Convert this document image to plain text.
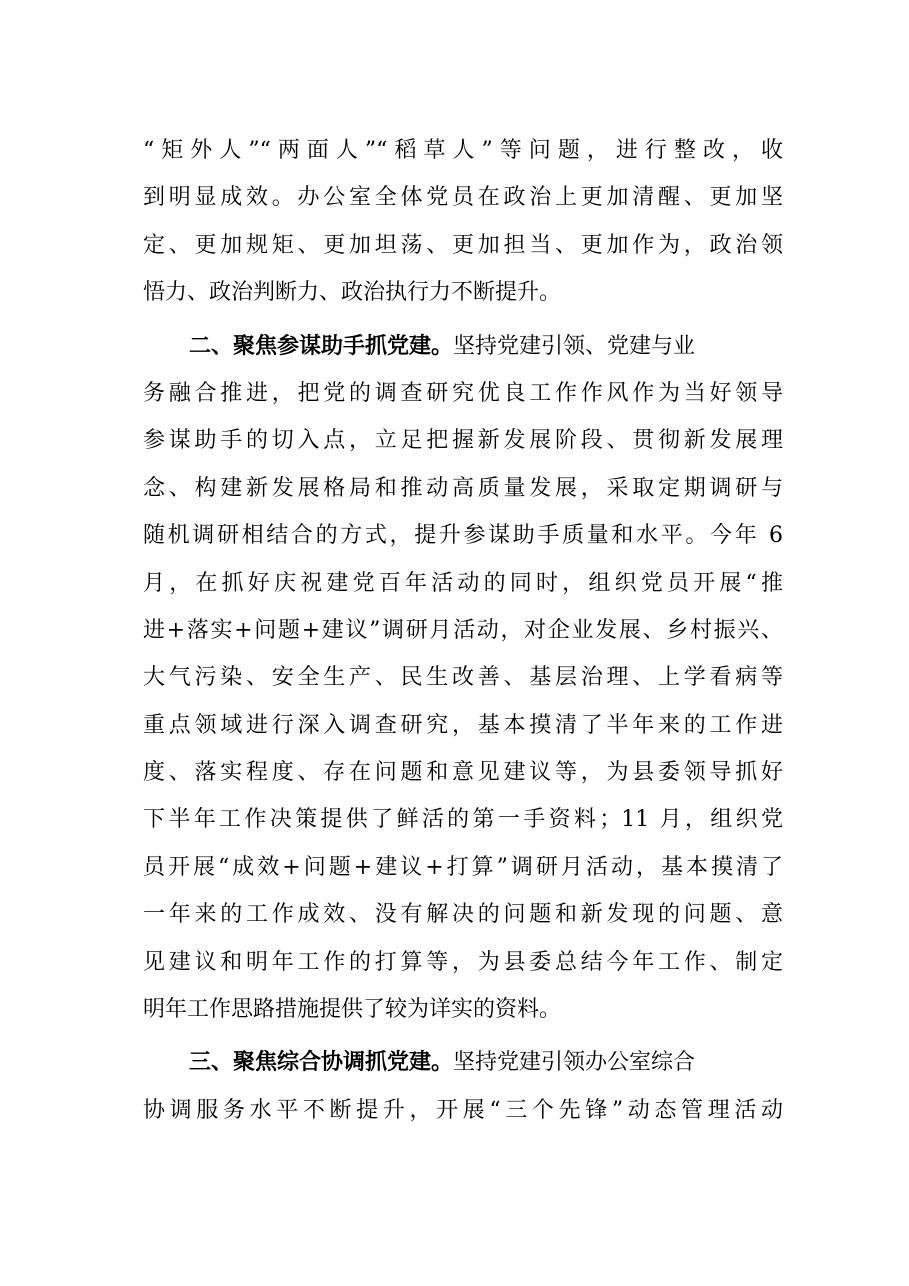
“矩外人”“两面人”“稻草人”等问题，进行整改，收
到明显成效。办公室全体党员在政治上更加清醒、更加坚
定、更加规矩、更加坦荡、更加担当、更加作为，政治领
悟力、政治判断力、政治执行力不断提升。
二、聚焦参谋助手抓党建。坚持党建引领、党建与业
务融合推进，把党的调查研究优良工作作风作为当好领导
参谋助手的切入点，立足把握新发展阶段、贯彻新发展理
念、构建新发展格局和推动高质量发展，采取定期调研与
随机调研相结合的方式，提升参谋助手质量和水平。今年 6
月，在抓好庆祝建党百年活动的同时，组织党员开展“推
进+落实+问题+建议”调研月活动，对企业发展、乡村振兴、
大气污染、安全生产、民生改善、基层治理、上学看病等
重点领域进行深入调查研究，基本摸清了半年来的工作进
度、落实程度、存在问题和意见建议等，为县委领导抓好
下半年工作决策提供了鲜活的第一手资料；11 月，组织党
员开展“成效+问题+建议+打算”调研月活动，基本摸清了
一年来的工作成效、没有解决的问题和新发现的问题、意
见建议和明年工作的打算等，为县委总结今年工作、制定
明年工作思路措施提供了较为详实的资料。
三、聚焦综合协调抓党建。坚持党建引领办公室综合
协调服务水平不断提升，开展“三个先锋”动态管理活动
